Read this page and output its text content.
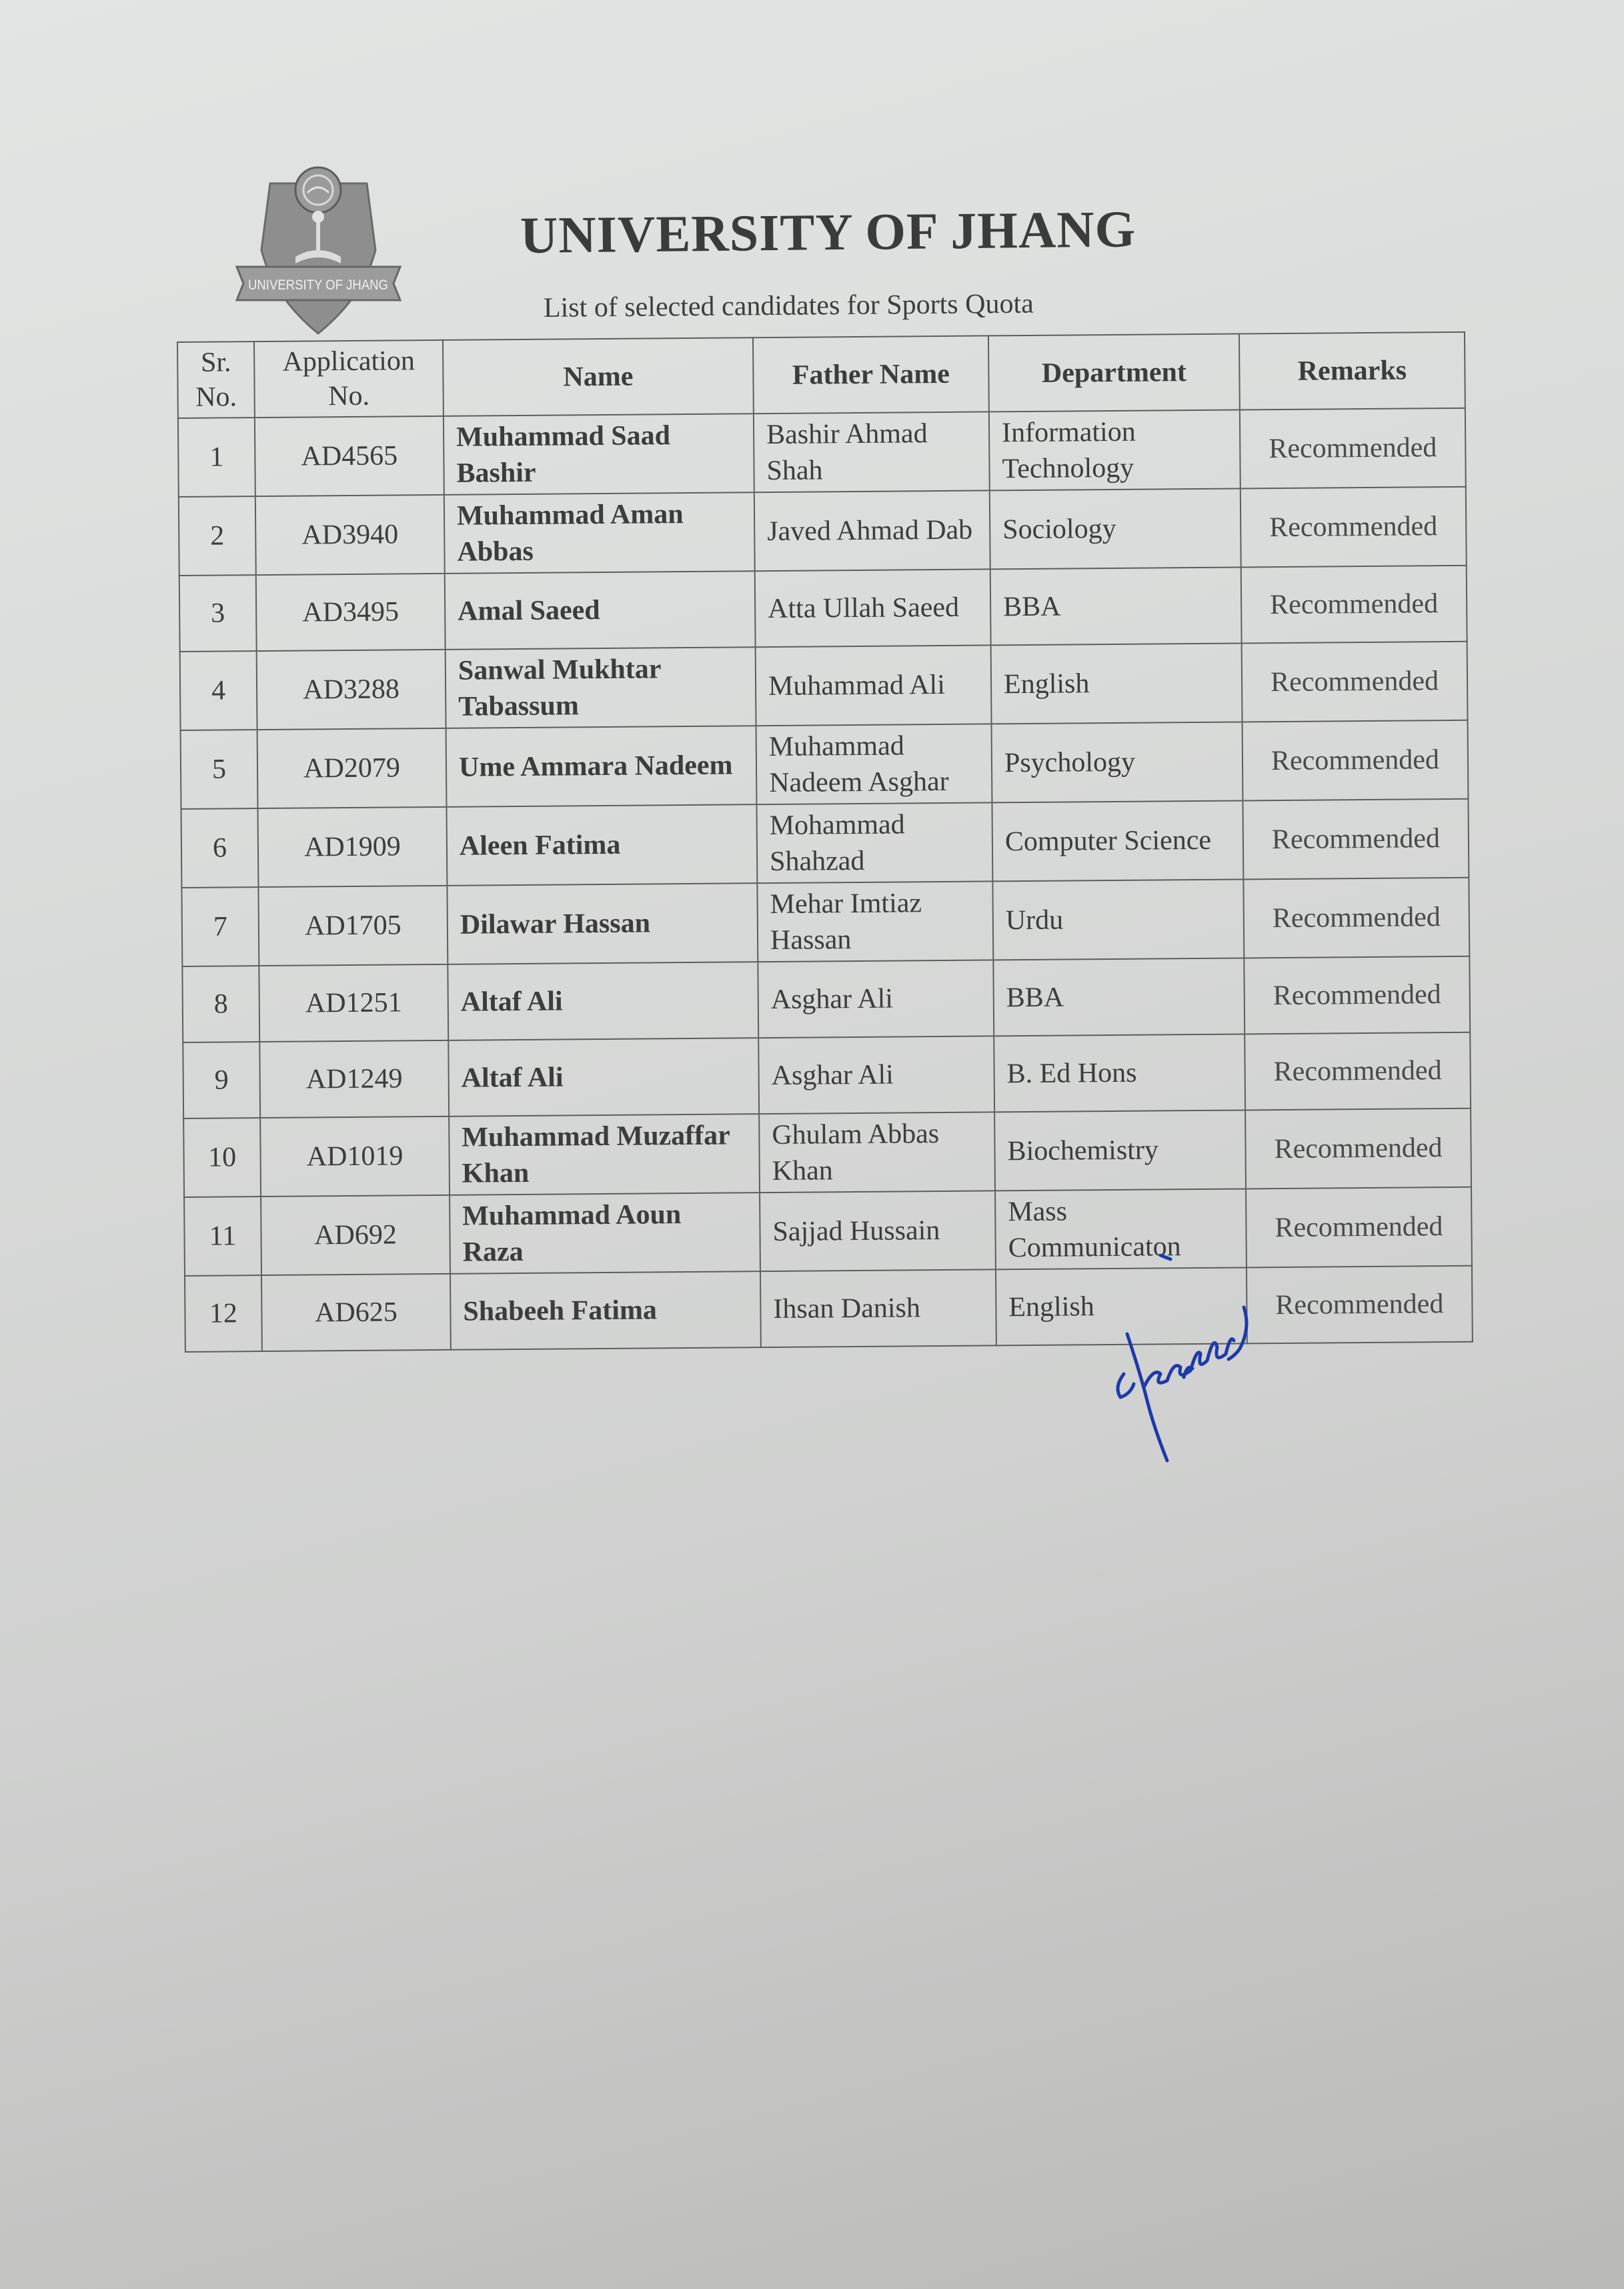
UNIVERSITY OF JHANG
UNIVERSITY OF JHANG
List of selected candidates for Sports Quota
Sr. No.	Application No.	Name	Father Name	Department	Remarks
1	AD4565	Muhammad Saad Bashir	Bashir Ahmad Shah	Information Technology	Recommended
2	AD3940	Muhammad Aman Abbas	Javed Ahmad Dab	Sociology	Recommended
3	AD3495	Amal Saeed	Atta Ullah Saeed	BBA	Recommended
4	AD3288	Sanwal Mukhtar Tabassum	Muhammad Ali	English	Recommended
5	AD2079	Ume Ammara Nadeem	Muhammad Nadeem Asghar	Psychology	Recommended
6	AD1909	Aleen Fatima	Mohammad Shahzad	Computer Science	Recommended
7	AD1705	Dilawar Hassan	Mehar Imtiaz Hassan	Urdu	Recommended
8	AD1251	Altaf Ali	Asghar Ali	BBA	Recommended
9	AD1249	Altaf Ali	Asghar Ali	B. Ed Hons	Recommended
10	AD1019	Muhammad Muzaffar Khan	Ghulam Abbas Khan	Biochemistry	Recommended
11	AD692	Muhammad Aoun Raza	Sajjad Hussain	Mass Communicaton	Recommended
12	AD625	Shabeeh Fatima	Ihsan Danish	English	Recommended
